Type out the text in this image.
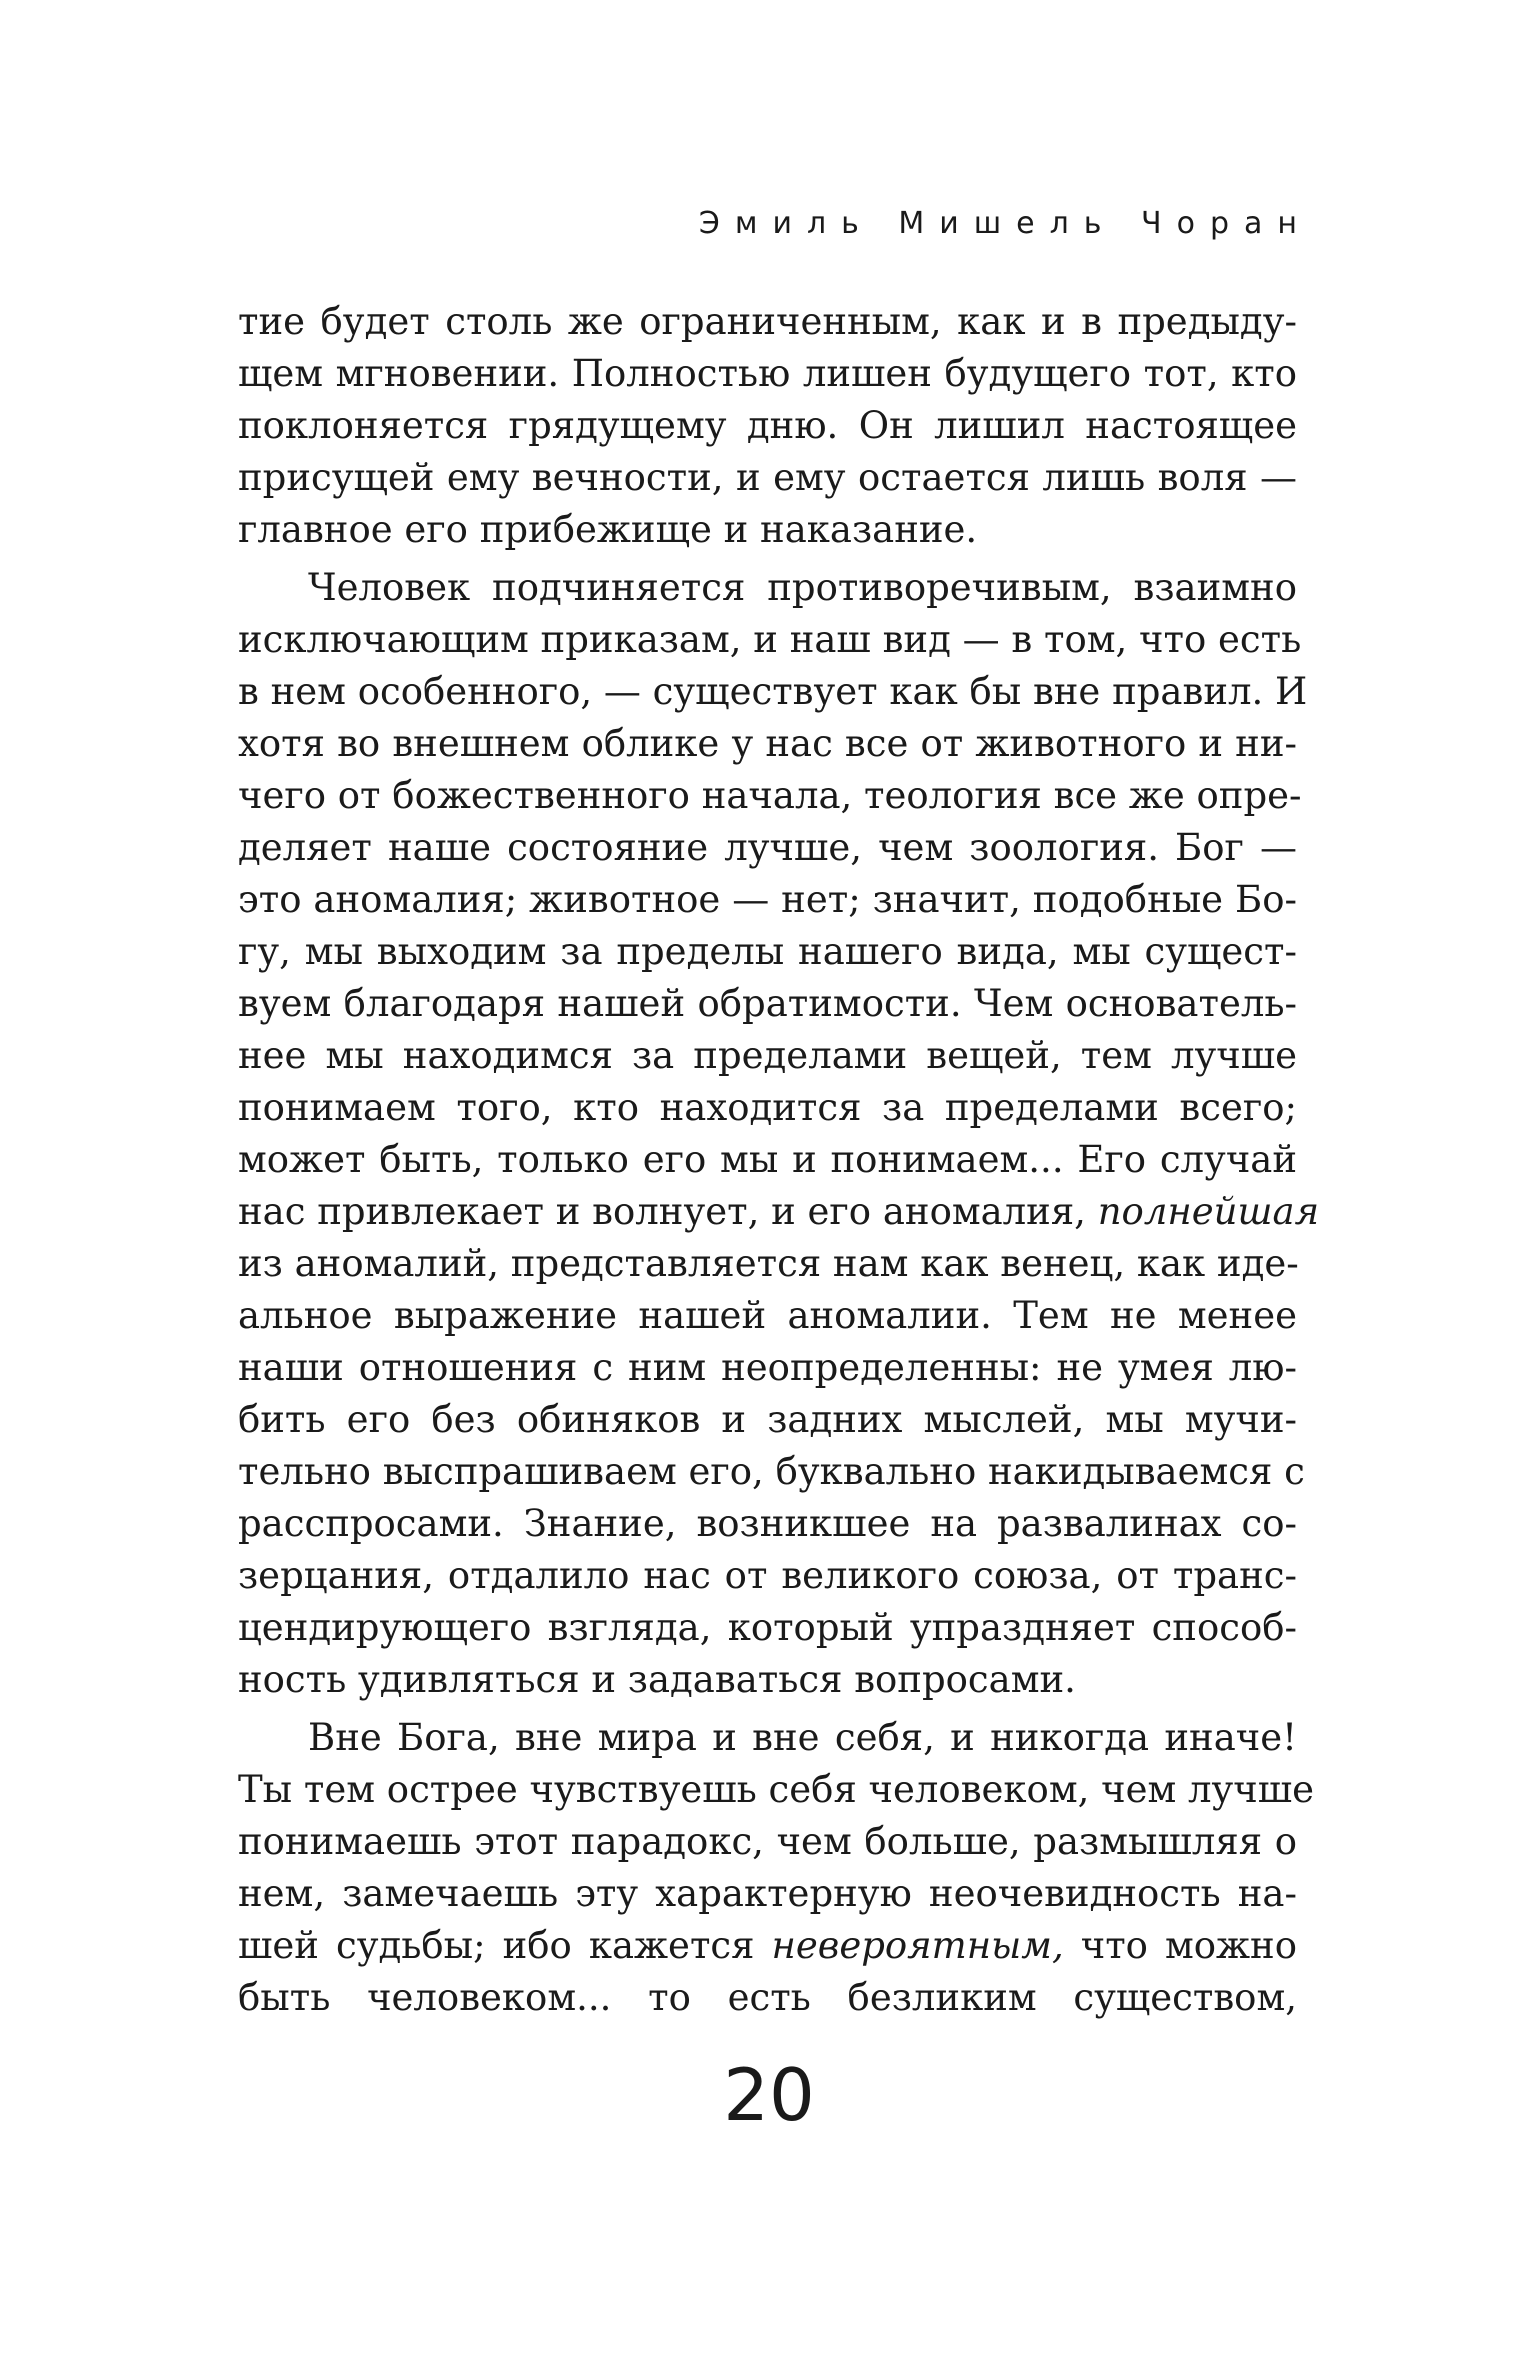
Эмиль Мишель Чоран
тие будет столь же ограниченным, как и в предыду-
щем мгновении. Полностью лишен будущего тот, кто
поклоняется грядущему дню. Он лишил настоящее
присущей ему вечности, и ему остается лишь воля —
главное его прибежище и наказание.
Человек подчиняется противоречивым, взаимно
исключающим приказам, и наш вид — в том, что есть
в нем особенного, — существует как бы вне правил. И
хотя во внешнем облике у нас все от животного и ни-
чего от божественного начала, теология все же опре-
деляет наше состояние лучше, чем зоология. Бог —
это аномалия; животное — нет; значит, подобные Бо-
гу, мы выходим за пределы нашего вида, мы сущест-
вуем благодаря нашей обратимости. Чем основатель-
нее мы находимся за пределами вещей, тем лучше
понимаем того, кто находится за пределами всего;
может быть, только его мы и понимаем... Его случай
нас привлекает и волнует, и его аномалия, полнейшая
из аномалий, представляется нам как венец, как иде-
альное выражение нашей аномалии. Тем не менее
наши отношения с ним неопределенны: не умея лю-
бить его без обиняков и задних мыслей, мы мучи-
тельно выспрашиваем его, буквально накидываемся с
расспросами. Знание, возникшее на развалинах со-
зерцания, отдалило нас от великого союза, от транс-
цендирующего взгляда, который упраздняет способ-
ность удивляться и задаваться вопросами.
Вне Бога, вне мира и вне себя, и никогда иначе!
Ты тем острее чувствуешь себя человеком, чем лучше
понимаешь этот парадокс, чем больше, размышляя о
нем, замечаешь эту характерную неочевидность на-
шей судьбы; ибо кажется невероятным, что можно
быть человеком... то есть безликим существом,
20
